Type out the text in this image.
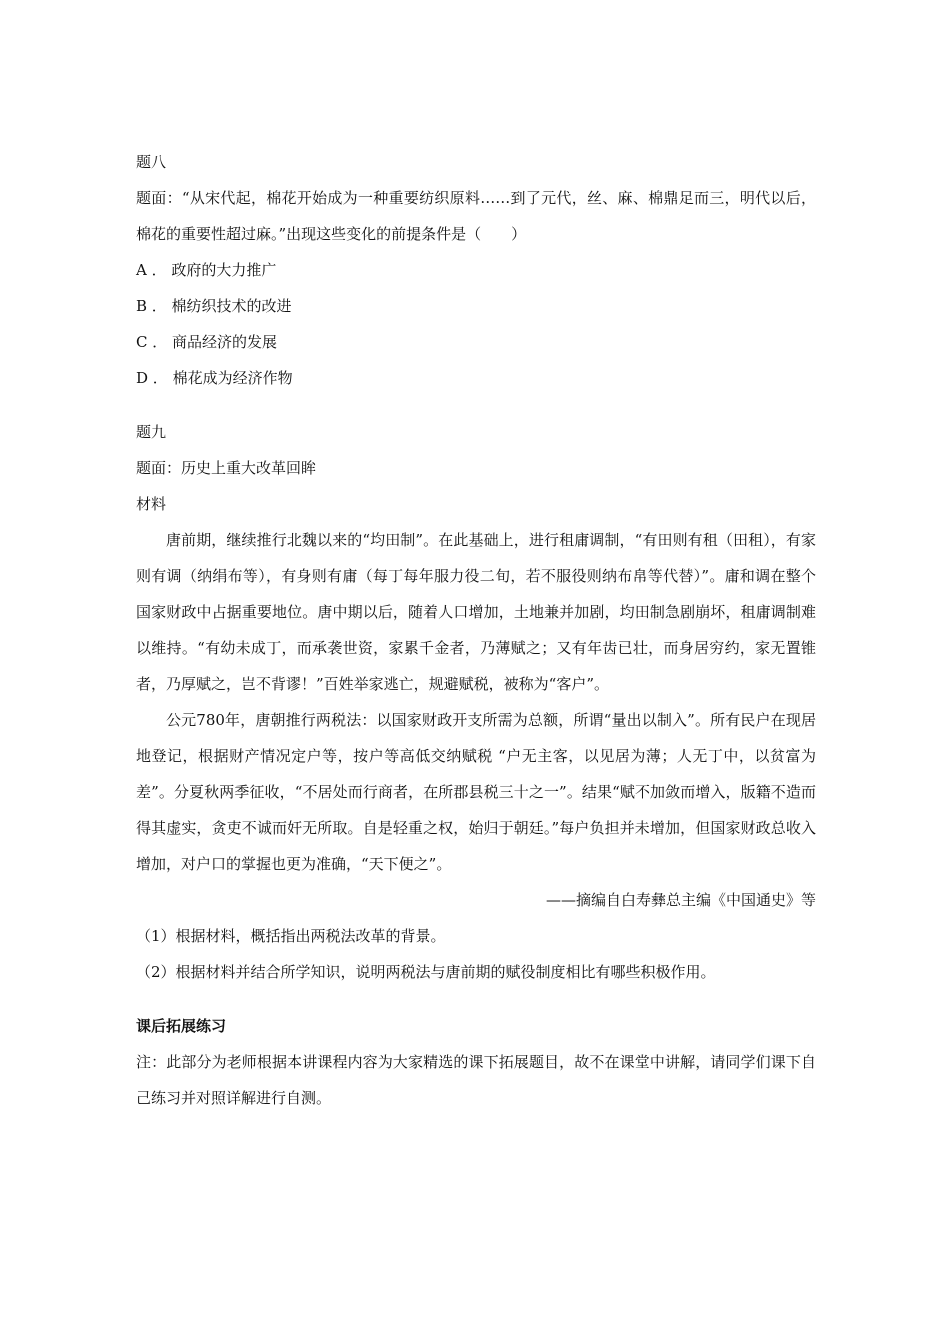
题八
题面：“从宋代起，棉花开始成为一种重要纺织原料……到了元代，丝、麻、棉鼎足而三，明代以后，棉花的重要性超过麻。”出现这些变化的前提条件是（　　）
A ． 政府的大力推广
B ． 棉纺织技术的改进
C ． 商品经济的发展
D ． 棉花成为经济作物
题九
题面：历史上重大改革回眸
材料
唐前期，继续推行北魏以来的“均田制”。在此基础上，进行租庸调制，“有田则有租（田租），有家则有调（纳绢布等），有身则有庸（每丁每年服力役二旬，若不服役则纳布帛等代替）”。庸和调在整个国家财政中占据重要地位。唐中期以后，随着人口增加，土地兼并加剧，均田制急剧崩坏，租庸调制难以维持。“有幼未成丁，而承袭世资，家累千金者，乃薄赋之；又有年齿已壮，而身居穷约，家无置锥者，乃厚赋之，岂不背谬！”百姓举家逃亡，规避赋税，被称为“客户”。
公元780年，唐朝推行两税法：以国家财政开支所需为总额，所谓“量出以制入”。所有民户在现居地登记，根据财产情况定户等，按户等高低交纳赋税 “户无主客，以见居为薄；人无丁中，以贫富为差”。分夏秋两季征收，“不居处而行商者，在所郡县税三十之一”。结果“赋不加敛而增入，版籍不造而得其虚实，贪吏不诚而奸无所取。自是轻重之权，始归于朝廷。”每户负担并未增加，但国家财政总收入增加，对户口的掌握也更为准确，“天下便之”。
——摘编自白寿彝总主编《中国通史》等
（1）根据材料，概括指出两税法改革的背景。
（2）根据材料并结合所学知识，说明两税法与唐前期的赋役制度相比有哪些积极作用。
课后拓展练习
注：此部分为老师根据本讲课程内容为大家精选的课下拓展题目，故不在课堂中讲解，请同学们课下自己练习并对照详解进行自测。
